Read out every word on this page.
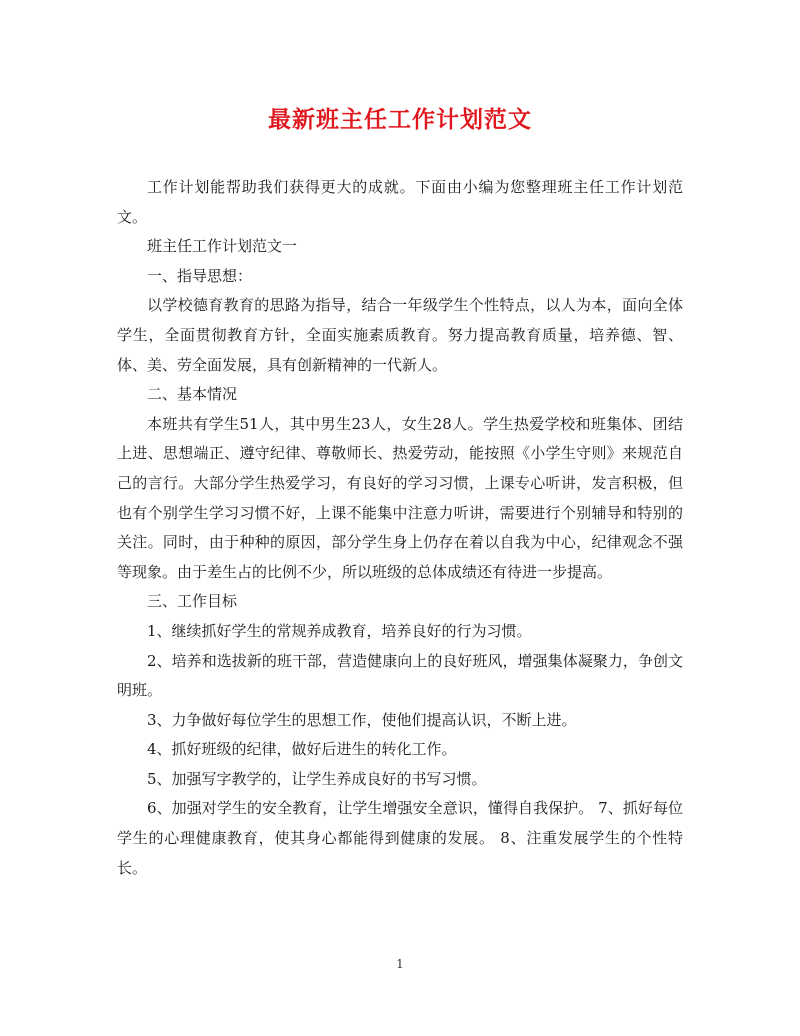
最新班主任工作计划范文

工作计划能帮助我们获得更大的成就。下面由小编为您整理班主任工作计划范文。

班主任工作计划范文一

一、指导思想：

以学校德育教育的思路为指导，结合一年级学生个性特点，以人为本，面向全体学生，全面贯彻教育方针，全面实施素质教育。努力提高教育质量，培养德、智、体、美、劳全面发展，具有创新精神的一代新人。

二、基本情况

本班共有学生51人，其中男生23人，女生28人。学生热爱学校和班集体、团结上进、思想端正、遵守纪律、尊敬师长、热爱劳动，能按照《小学生守则》来规范自己的言行。大部分学生热爱学习，有良好的学习习惯，上课专心听讲，发言积极，但也有个别学生学习习惯不好，上课不能集中注意力听讲，需要进行个别辅导和特别的关注。同时，由于种种的原因，部分学生身上仍存在着以自我为中心，纪律观念不强等现象。由于差生占的比例不少，所以班级的总体成绩还有待进一步提高。

三、工作目标

1、继续抓好学生的常规养成教育，培养良好的行为习惯。

2、培养和选拔新的班干部，营造健康向上的良好班风，增强集体凝聚力，争创文明班。

3、力争做好每位学生的思想工作，使他们提高认识，不断上进。

4、抓好班级的纪律，做好后进生的转化工作。

5、加强写字教学的，让学生养成良好的书写习惯。

6、加强对学生的安全教育，让学生增强安全意识，懂得自我保护。 7、抓好每位学生的心理健康教育，使其身心都能得到健康的发展。 8、注重发展学生的个性特长。

1
